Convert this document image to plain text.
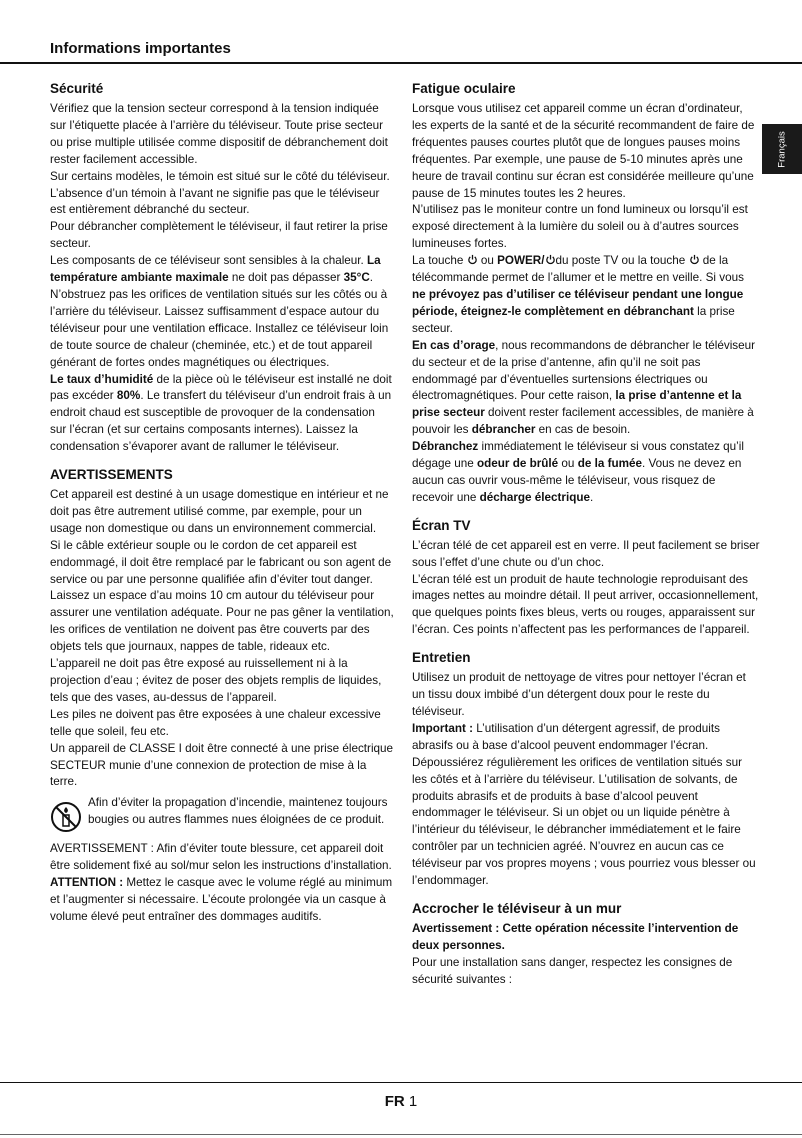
Informations importantes
Français
Sécurité

Vérifiez que la tension secteur correspond à la tension indiquée sur l’étiquette placée à l’arrière du téléviseur. Toute prise secteur ou prise multiple utilisée comme dispositif de débranchement doit rester facilement accessible.

Sur certains modèles, le témoin est situé sur le côté du téléviseur. L’absence d’un témoin à l’avant ne signifie pas que le téléviseur est entièrement débranché du secteur.

Pour débrancher complètement le téléviseur, il faut retirer la prise secteur.

Les composants de ce téléviseur sont sensibles à la chaleur. La température ambiante maximale ne doit pas dépasser 35°C. N’obstruez pas les orifices de ventilation situés sur les côtés ou à l’arrière du téléviseur. Laissez suffisamment d’espace autour du téléviseur pour une ventilation efficace. Installez ce téléviseur loin de toute source de chaleur (cheminée, etc.) et de tout appareil générant de fortes ondes magnétiques ou électriques.

Le taux d’humidité de la pièce où le téléviseur est installé ne doit pas excéder 80%. Le transfert du téléviseur d’un endroit frais à un endroit chaud est susceptible de provoquer de la condensation sur l’écran (et sur certains composants internes). Laissez la condensation s’évaporer avant de rallumer le téléviseur.

AVERTISSEMENTS

Cet appareil est destiné à un usage domestique en intérieur et ne doit pas être autrement utilisé comme, par exemple, pour un usage non domestique ou dans un environnement commercial.

Si le câble extérieur souple ou le cordon de cet appareil est endommagé, il doit être remplacé par le fabricant ou son agent de service ou par une personne qualifiée afin d’éviter tout danger.

Laissez un espace d’au moins 10 cm autour du téléviseur pour assurer une ventilation adéquate. Pour ne pas gêner la ventilation, les orifices de ventilation ne doivent pas être couverts par des objets tels que journaux, nappes de table, rideaux etc.

L’appareil ne doit pas être exposé au ruissellement ni à la projection d’eau ; évitez de poser des objets remplis de liquides, tels que des vases, au-dessus de l’appareil.

Les piles ne doivent pas être exposées à une chaleur excessive telle que soleil, feu etc.

Un appareil de CLASSE I doit être connecté à une prise électrique SECTEUR munie d’une connexion de protection de mise à la terre.

Afin d’éviter la propagation d’incendie, maintenez toujours bougies ou autres flammes nues éloignées de ce produit.

AVERTISSEMENT : Afin d’éviter toute blessure, cet appareil doit être solidement fixé au sol/mur selon les instructions d’installation.

ATTENTION : Mettez le casque avec le volume réglé au minimum et l’augmenter si nécessaire. L’écoute prolongée via un casque à volume élevé peut entraîner des dommages auditifs.

Fatigue oculaire

Lorsque vous utilisez cet appareil comme un écran d’ordinateur, les experts de la santé et de la sécurité recommandent de faire de fréquentes pauses courtes plutôt que de longues pauses moins fréquentes. Par exemple, une pause de 5-10 minutes après une heure de travail continu sur écran est considérée meilleure qu’une pause de 15 minutes toutes les 2 heures.

N’utilisez pas le moniteur contre un fond lumineux ou lorsqu’il est exposé directement à la lumière du soleil ou à d’autres sources lumineuses fortes.

La touche  ou POWER/ du poste TV ou la touche  de la télécommande permet de l’allumer et le mettre en veille. Si vous ne prévoyez pas d’utiliser ce téléviseur pendant une longue période, éteignez-le complètement en débranchant la prise secteur.

En cas d’orage, nous recommandons de débrancher le téléviseur du secteur et de la prise d’antenne, afin qu’il ne soit pas endommagé par d’éventuelles surtensions électriques ou électromagnétiques. Pour cette raison, la prise d’antenne et la prise secteur doivent rester facilement accessibles, de manière à pouvoir les débrancher en cas de besoin.

Débranchez immédiatement le téléviseur si vous constatez qu’il dégage une odeur de brûlé ou de la fumée. Vous ne devez en aucun cas ouvrir vous-même le téléviseur, vous risquez de recevoir une décharge électrique.

Écran TV

L’écran télé de cet appareil est en verre. Il peut facilement se briser sous l’effet d’une chute ou d’un choc.

L’écran télé est un produit de haute technologie reproduisant des images nettes au moindre détail. Il peut arriver, occasionnellement, que quelques points fixes bleus, verts ou rouges, apparaissent sur l’écran. Ces points n’affectent pas les performances de l’appareil.

Entretien

Utilisez un produit de nettoyage de vitres pour nettoyer l’écran et un tissu doux imbibé d’un détergent doux pour le reste du téléviseur.

Important : L’utilisation d’un détergent agressif, de produits abrasifs ou à base d’alcool peuvent endommager l’écran.

Dépoussiérez régulièrement les orifices de ventilation situés sur les côtés et à l’arrière du téléviseur. L’utilisation de solvants, de produits abrasifs et de produits à base d’alcool peuvent endommager le téléviseur. Si un objet ou un liquide pénètre à l’intérieur du téléviseur, le débrancher immédiatement et le faire contrôler par un technicien agréé. N’ouvrez en aucun cas ce téléviseur par vos propres moyens ; vous pourriez vous blesser ou l’endommager.

Accrocher le téléviseur à un mur

Avertissement : Cette opération nécessite l’intervention de deux personnes.

Pour une installation sans danger, respectez les consignes de sécurité suivantes :

FR 1
